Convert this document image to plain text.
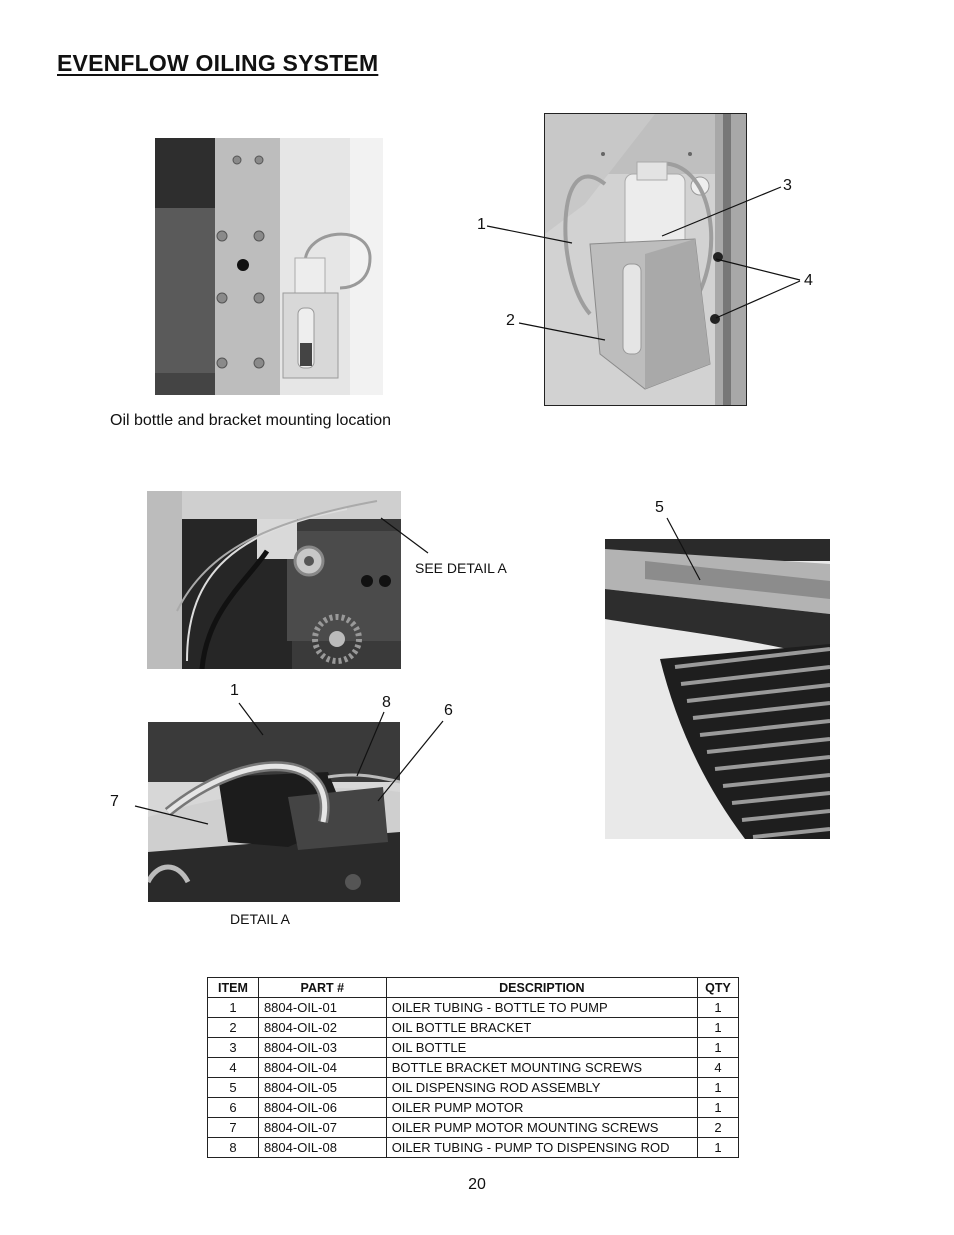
EVENFLOW OILING SYSTEM
Oil bottle and bracket mounting location
1
2
3
4
SEE DETAIL A
1
8	6
7
5
DETAIL A
ITEM	PART #	DESCRIPTION	QTY
1	8804-OIL-01	OILER TUBING - BOTTLE TO PUMP	1
2	8804-OIL-02	OIL BOTTLE BRACKET	1
3	8804-OIL-03	OIL BOTTLE	1
4	8804-OIL-04	BOTTLE BRACKET MOUNTING SCREWS	4
5	8804-OIL-05	OIL DISPENSING ROD ASSEMBLY	1
6	8804-OIL-06	OILER PUMP MOTOR	1
7	8804-OIL-07	OILER PUMP MOTOR MOUNTING SCREWS	2
8	8804-OIL-08	OILER TUBING - PUMP TO DISPENSING ROD	1
20
